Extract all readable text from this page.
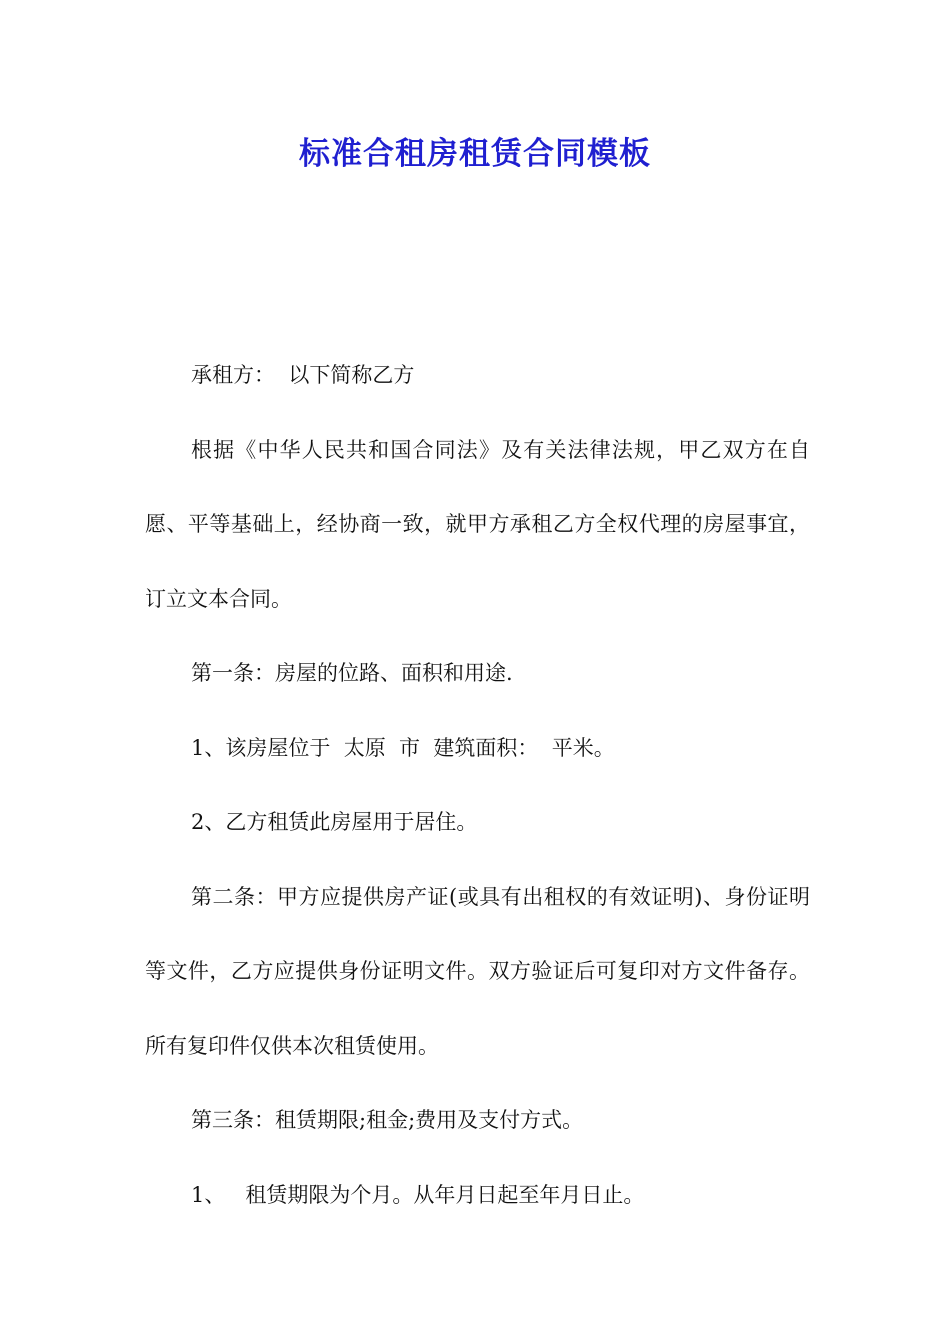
标准合租房租赁合同模板

承租方：  以下简称乙方

根据《中华人民共和国合同法》及有关法律法规，甲乙双方在自愿、平等基础上，经协商一致，就甲方承租乙方全权代理的房屋事宜，订立文本合同。

第一条：房屋的位路、面积和用途.

1、该房屋位于  太原  市  建筑面积：  平米。

2、乙方租赁此房屋用于居住。

第二条：甲方应提供房产证(或具有出租权的有效证明)、身份证明等文件，乙方应提供身份证明文件。双方验证后可复印对方文件备存。所有复印件仅供本次租赁使用。

第三条：租赁期限;租金;费用及支付方式。

1、   租赁期限为个月。从年月日起至年月日止。
